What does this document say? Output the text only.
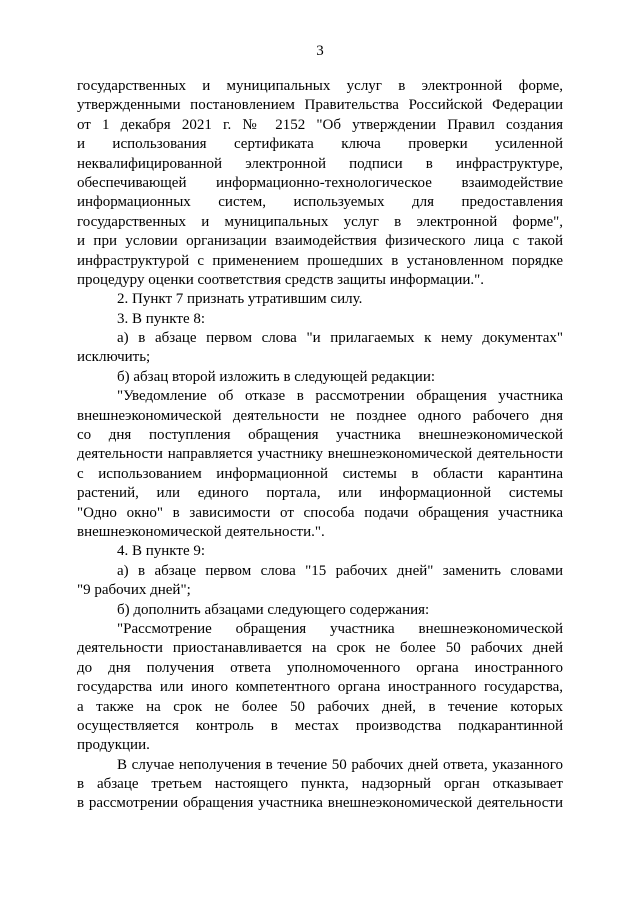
3
государственных и муниципальных услуг в электронной форме,
утвержденными постановлением Правительства Российской Федерации
от 1 декабря 2021 г. № 2152 "Об утверждении Правил создания
и использования сертификата ключа проверки усиленной
неквалифицированной электронной подписи в инфраструктуре,
обеспечивающей информационно-технологическое взаимодействие
информационных систем, используемых для предоставления
государственных и муниципальных услуг в электронной форме",
и при условии организации взаимодействия физического лица с такой
инфраструктурой с применением прошедших в установленном порядке
процедуру оценки соответствия средств защиты информации.".
2. Пункт 7 признать утратившим силу.
3. В пункте 8:
а) в абзаце первом слова "и прилагаемых к нему документах"
исключить;
б) абзац второй изложить в следующей редакции:
"Уведомление об отказе в рассмотрении обращения участника
внешнеэкономической деятельности не позднее одного рабочего дня
со дня поступления обращения участника внешнеэкономической
деятельности направляется участнику внешнеэкономической деятельности
с использованием информационной системы в области карантина
растений, или единого портала, или информационной системы
"Одно окно" в зависимости от способа подачи обращения участника
внешнеэкономической деятельности.".
4. В пункте 9:
а) в абзаце первом слова "15 рабочих дней" заменить словами
"9 рабочих дней";
б) дополнить абзацами следующего содержания:
"Рассмотрение обращения участника внешнеэкономической
деятельности приостанавливается на срок не более 50 рабочих дней
до дня получения ответа уполномоченного органа иностранного
государства или иного компетентного органа иностранного государства,
а также на срок не более 50 рабочих дней, в течение которых
осуществляется контроль в местах производства подкарантинной
продукции.
В случае неполучения в течение 50 рабочих дней ответа, указанного
в абзаце третьем настоящего пункта, надзорный орган отказывает
в рассмотрении обращения участника внешнеэкономической деятельности
